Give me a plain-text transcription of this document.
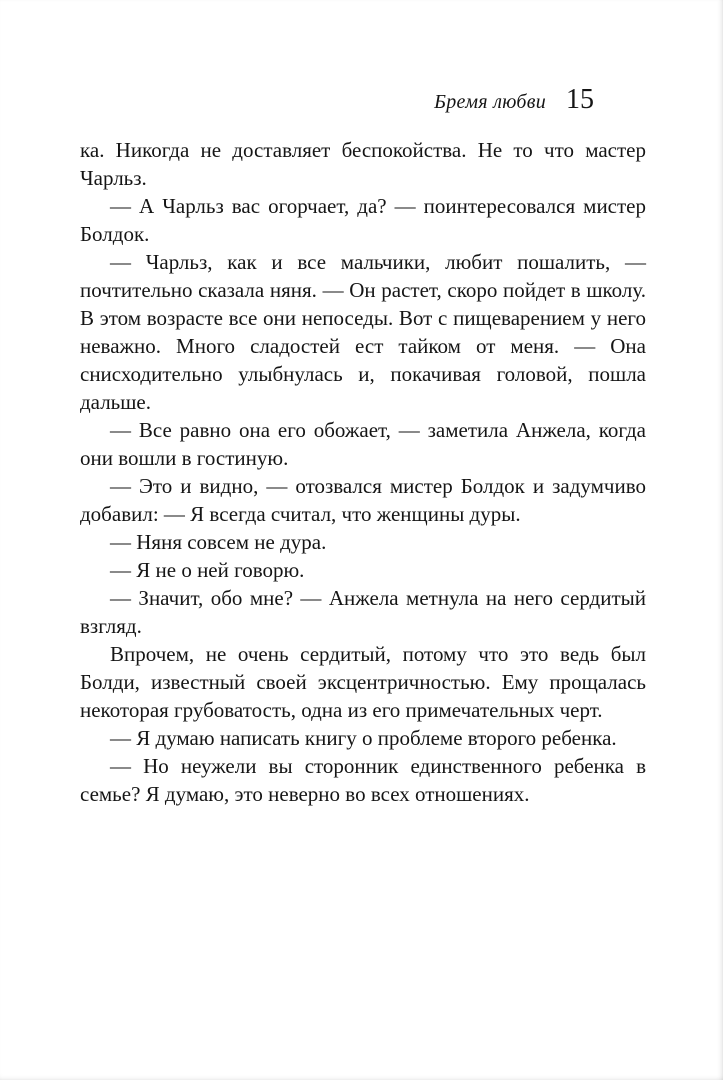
Бремя любви 15

ка. Никогда не доставляет беспокойства. Не то что мастер Чарльз.

— А Чарльз вас огорчает, да? — поинтересовался мистер Болдок.

— Чарльз, как и все мальчики, любит пошалить, — почтительно сказала няня. — Он растет, скоро пойдет в школу. В этом возрасте все они непоседы. Вот с пищеварением у него неважно. Много сладостей ест тайком от меня. — Она снисходительно улыбнулась и, покачивая головой, пошла дальше.

— Все равно она его обожает, — заметила Анжела, когда они вошли в гостиную.

— Это и видно, — отозвался мистер Болдок и задумчиво добавил: — Я всегда считал, что женщины дуры.

— Няня совсем не дура.

— Я не о ней говорю.

— Значит, обо мне? — Анжела метнула на него сердитый взгляд.

Впрочем, не очень сердитый, потому что это ведь был Болди, известный своей эксцентричностью. Ему прощалась некоторая грубоватость, одна из его примечательных черт.

— Я думаю написать книгу о проблеме второго ребенка.

— Но неужели вы сторонник единственного ребенка в семье? Я думаю, это неверно во всех отношениях.
